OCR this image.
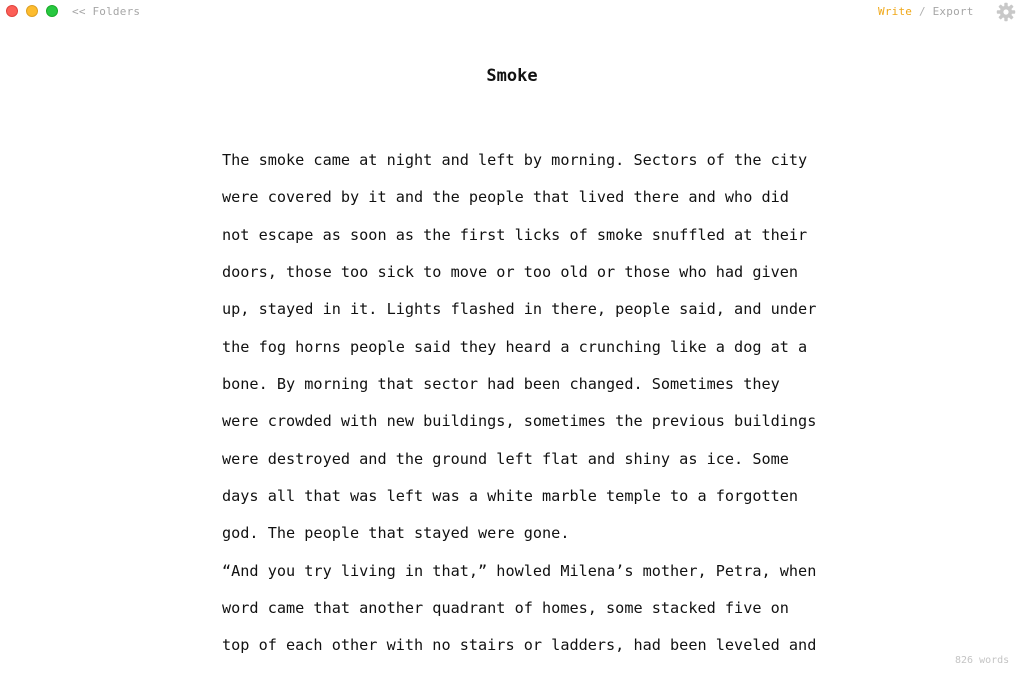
<< Folders	Write / Export
Smoke
The smoke came at night and left by morning. Sectors of the city
were covered by it and the people that lived there and who did
not escape as soon as the first licks of smoke snuffled at their
doors, those too sick to move or too old or those who had given
up, stayed in it. Lights flashed in there, people said, and under
the fog horns people said they heard a crunching like a dog at a
bone. By morning that sector had been changed. Sometimes they
were crowded with new buildings, sometimes the previous buildings
were destroyed and the ground left flat and shiny as ice. Some
days all that was left was a white marble temple to a forgotten
god. The people that stayed were gone.
“And you try living in that,” howled Milena’s mother, Petra, when
word came that another quadrant of homes, some stacked five on
top of each other with no stairs or ladders, had been leveled and
826 words
